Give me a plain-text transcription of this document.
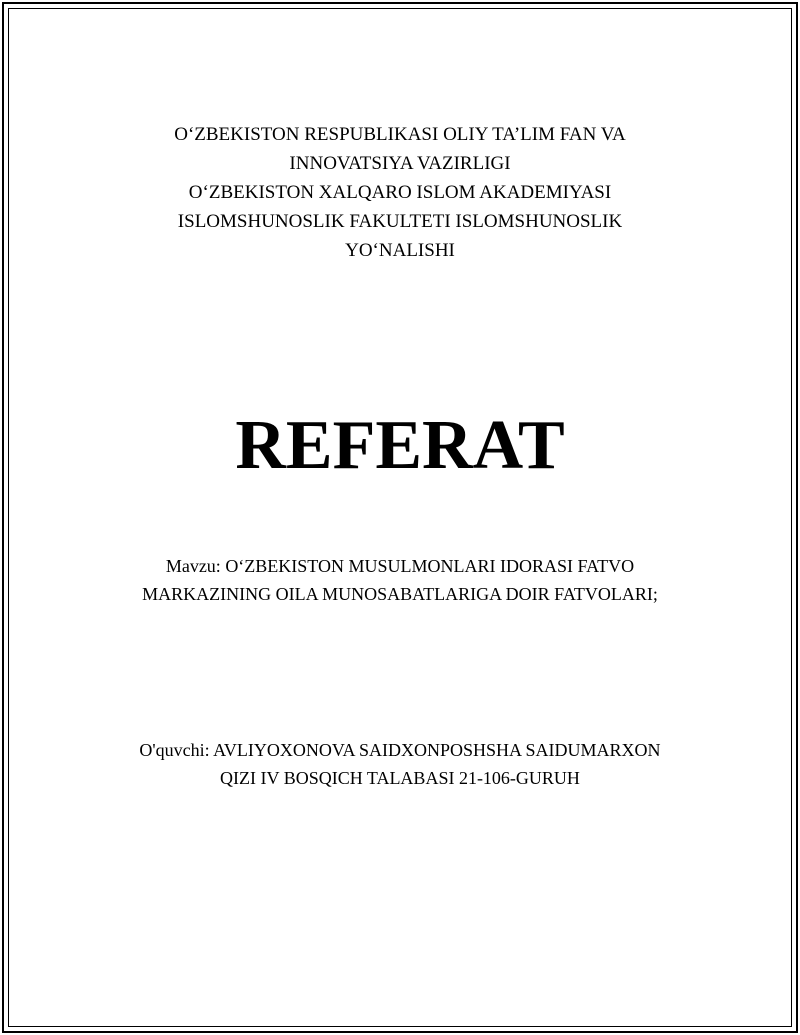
O‘ZBEKISTON RESPUBLIKASI OLIY TA’LIM FAN VA
INNOVATSIYA VAZIRLIGI
O‘ZBEKISTON XALQARO ISLOM AKADEMIYASI
ISLOMSHUNOSLIK FAKULTETI ISLOMSHUNOSLIK
YO‘NALISHI
REFERAT
Mavzu: O‘ZBEKISTON MUSULMONLARI IDORASI FATVO
MARKAZINING OILA MUNOSABATLARIGA DOIR FATVOLARI;
O'quvchi: AVLIYOXONOVA SAIDXONPOSHSHA SAIDUMARXON
QIZI IV BOSQICH TALABASI 21-106-GURUH
